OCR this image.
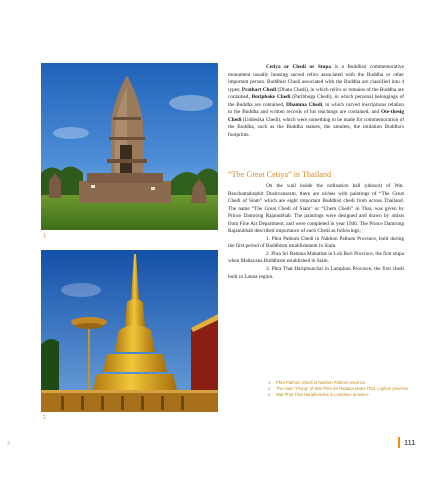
1
2

Cetiya or Chedi or Stupa is a Buddhist commemorative monument usually housing sacred relics associated with the Buddha or other important person. Buddhist Chedi associated with the Buddha are classified into 4 types; Prathart Chedi (Dhatu Chedi), in which relics or remains of the Buddha are contained, Boriphoke Chedi (Paribhoga Chedi), in which personal belongings of the Buddha are contained, Dhamma Chedi, in which carved inscriptions relation to the Buddha and written records of his teachings are contained, and Ote-thesig Chedi (Uddesika Chedi), which were something to be made for commemoration of the Buddha, such as the Buddha statues, the amulets, the imitation Buddha's footprints.

“The Great Cetiya” in Thailand

On the wall inside the ordination hall (ubosot) of Wat. Benchamabophit Dusitvanaram, there are niches with paintings of “The Great Chedi of Siam” which are eight important Buddhist chedi from across Thailand. The name “The Great Chedi of Siam” or “Chem Chedi” in Thai, was given by Prince Damrong Rajanubhab. The paintings were designed and drawn by artists from Fine Art Department, and were completed in year 1946. The Prince Damrong Rajanubhab described importance of each Chedi as followings;

1. Phra Pathom Chedi in Nakhon Pathom Province, built during the first period of Buddhism establishment in Siam.

2. Phra Sri Rattana Mahathat in Lob Buri Province, the first stupa when Mahayana Buddhism established in Siam.

3. Phra That Hariphunchai in Lamphun Province, the first chedi built in Lanna region.

1	Phra Pathom Chedi in Nakhon Pathom province
2	The main “Prang” of Wat Phra Sri Rattana Maha That, Lopburi province
3	Wat Phra That Hariphunchai in Lamphun province
111
3
